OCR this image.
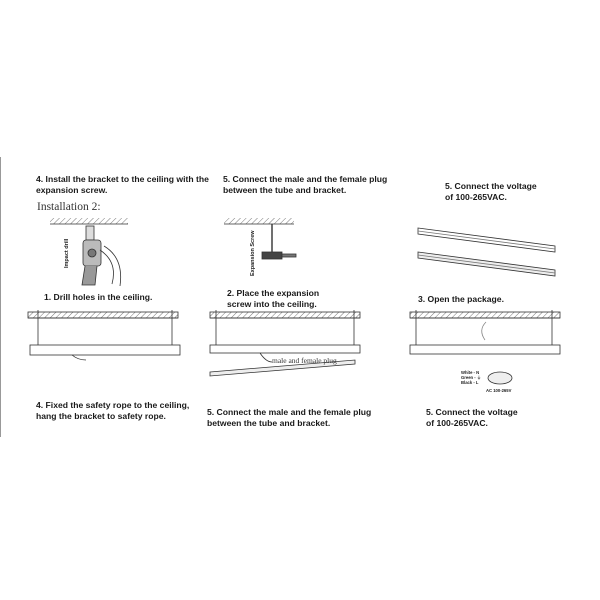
4. Install the bracket to the ceiling with the
expansion screw.
5. Connect the male and the female plug
between the tube and bracket.	5. Connect the voltage
of 100-265VAC.
Installation 2:
Impact drill	Expansion Screw
1. Drill holes in the ceiling.	2. Place the expansion
screw into the ceiling.	3. Open the package.
male and female plug
White - N
Green - ⏚
Black - L
AC 100-265V
4. Fixed the safety rope to the ceiling,
hang the bracket to safety rope.	5. Connect the male and the female plug
between the tube and bracket.
5. Connect the voltage
of 100-265VAC.
